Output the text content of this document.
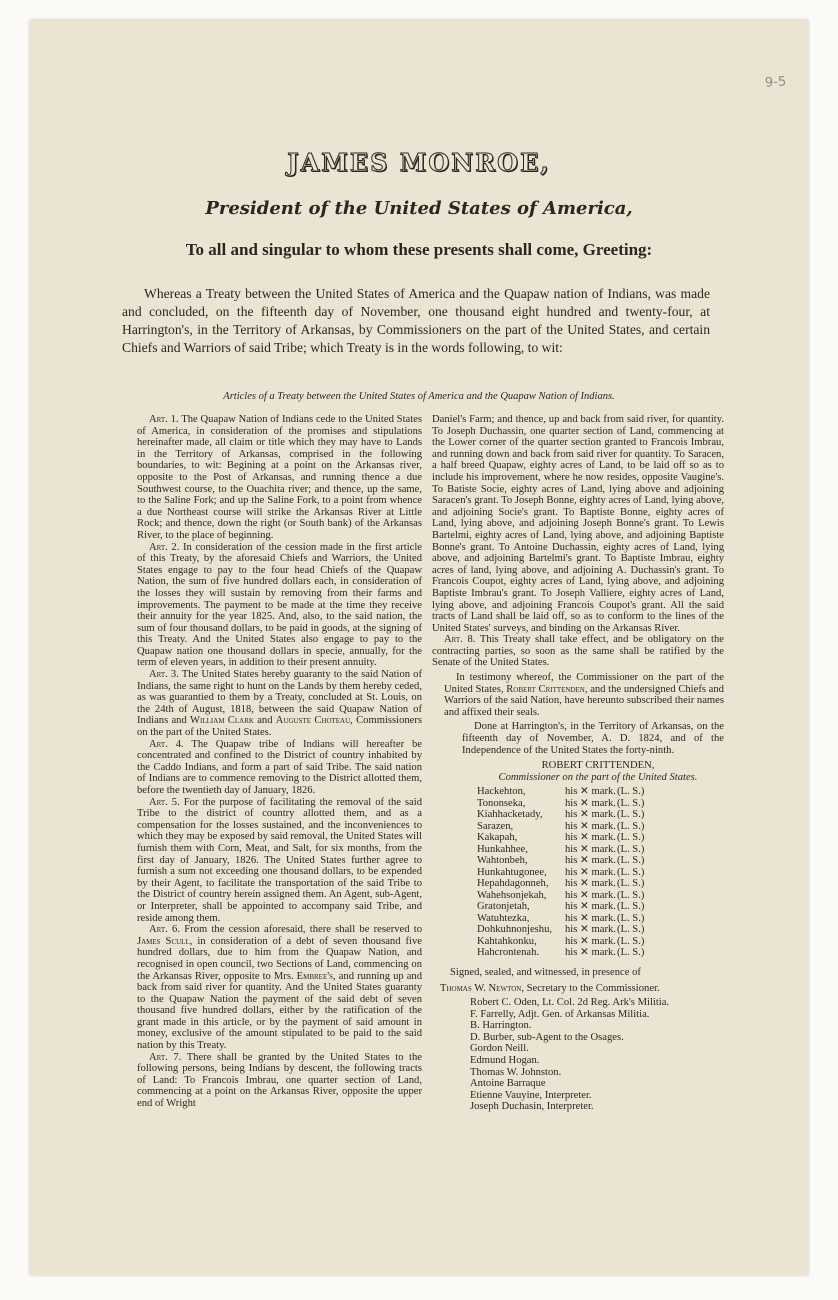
9-5
JAMES MONROE,
President of the United States of America,
To all and singular to whom these presents shall come, Greeting:

Whereas a Treaty between the United States of America and the Quapaw nation of Indians, was made and concluded, on the fifteenth day of November, one thousand eight hundred and twenty-four, at Harrington's, in the Territory of Arkansas, by Commissioners on the part of the United States, and certain Chiefs and Warriors of said Tribe; which Treaty is in the words following, to wit:

Articles of a Treaty between the United States of America and the Quapaw Nation of Indians.

Art. 1. The Quapaw Nation of Indians cede to the United States of America, in consideration of the promises and stipulations hereinafter made, all claim or title which they may have to Lands in the Territory of Arkansas, comprised in the following boundaries, to wit: Begining at a point on the Arkansas river, opposite to the Post of Arkansas, and running thence a due Southwest course, to the Ouachita river; and thence, up the same, to the Saline Fork; and up the Saline Fork, to a point from whence a due Northeast course will strike the Arkansas River at Little Rock; and thence, down the right (or South bank) of the Arkansas River, to the place of beginning.

Art. 2. In consideration of the cession made in the first article of this Treaty, by the aforesaid Chiefs and Warriors, the United States engage to pay to the four head Chiefs of the Quapaw Nation, the sum of five hundred dollars each, in consideration of the losses they will sustain by removing from their farms and improvements. The payment to be made at the time they receive their annuity for the year 1825. And, also, to the said nation, the sum of four thousand dollars, to be paid in goods, at the signing of this Treaty. And the United States also engage to pay to the Quapaw nation one thousand dollars in specie, annually, for the term of eleven years, in addition to their present annuity.

Art. 3. The United States hereby guaranty to the said Nation of Indians, the same right to hunt on the Lands by them hereby ceded, as was guarantied to them by a Treaty, concluded at St. Louis, on the 24th of August, 1818, between the said Quapaw Nation of Indians and William Clark and Auguste Choteau, Commissioners on the part of the United States.

Art. 4. The Quapaw tribe of Indians will hereafter be concentrated and confined to the District of country inhabited by the Caddo Indians, and form a part of said Tribe. The said nation of Indians are to commence removing to the District allotted them, before the twentieth day of January, 1826.

Art. 5. For the purpose of facilitating the removal of the said Tribe to the district of country allotted them, and as a compensation for the losses sustained, and the inconveniences to which they may be exposed by said removal, the United States will furnish them with Corn, Meat, and Salt, for six months, from the first day of January, 1826. The United States further agree to furnish a sum not exceeding one thousand dollars, to be expended by their Agent, to facilitate the transportation of the said Tribe to the District of country herein assigned them. An Agent, sub-Agent, or Interpreter, shall be appointed to accompany said Tribe, and reside among them.

Art. 6. From the cession aforesaid, there shall be reserved to James Scull, in consideration of a debt of seven thousand five hundred dollars, due to him from the Quapaw Nation, and recognised in open council, two Sections of Land, commencing on the Arkansas River, opposite to Mrs. Embree's, and running up and back from said river for quantity. And the United States guaranty to the Quapaw Nation the payment of the said debt of seven thousand five hundred dollars, either by the ratification of the grant made in this article, or by the payment of said amount in money, exclusive of the amount stipulated to be paid to the said nation by this Treaty.

Art. 7. There shall be granted by the United States to the following persons, being Indians by descent, the following tracts of Land: To Francois Imbrau, one quarter section of Land, commencing at a point on the Arkansas River, opposite the upper end of Wright

Daniel's Farm; and thence, up and back from said river, for quantity. To Joseph Duchassin, one quarter section of Land, commencing at the Lower corner of the quarter section granted to Francois Imbrau, and running down and back from said river for quantity. To Saracen, a half breed Quapaw, eighty acres of Land, to be laid off so as to include his improvement, where he now resides, opposite Vaugine's. To Batiste Socie, eighty acres of Land, lying above and adjoining Saracen's grant. To Joseph Bonne, eighty acres of Land, lying above, and adjoining Socie's grant. To Baptiste Bonne, eighty acres of Land, lying above, and adjoining Joseph Bonne's grant. To Lewis Bartelmi, eighty acres of Land, lying above, and adjoining Baptiste Bonne's grant. To Antoine Duchassin, eighty acres of Land, lying above, and adjoining Bartelmi's grant. To Baptiste Imbrau, eighty acres of land, lying above, and adjoining A. Duchassin's grant. To Francois Coupot, eighty acres of Land, lying above, and adjoining Baptiste Imbrau's grant. To Joseph Valliere, eighty acres of Land, lying above, and adjoining Francois Coupot's grant. All the said tracts of Land shall be laid off, so as to conform to the lines of the United States' surveys, and binding on the Arkansas River.

Art. 8. This Treaty shall take effect, and be obligatory on the contracting parties, so soon as the same shall be ratified by the Senate of the United States.

In testimony whereof, the Commissioner on the part of the United States, Robert Crittenden, and the undersigned Chiefs and Warriors of the said Nation, have hereunto subscribed their names and affixed their seals.

Done at Harrington's, in the Territory of Arkansas, on the fifteenth day of November, A. D. 1824, and of the Independence of the United States the forty-ninth.

ROBERT CRITTENDEN,
Commissioner on the part of the United States.
Hackehton,	his ✕ mark.	(L. S.)
Tononseka,	his ✕ mark.	(L. S.)
Kiahhacketady,	his ✕ mark.	(L. S.)
Sarazen,	his ✕ mark.	(L. S.)
Kakapah,	his ✕ mark.	(L. S.)
Hunkahhee,	his ✕ mark.	(L. S.)
Wahtonbeh,	his ✕ mark.	(L. S.)
Hunkahtugonee,	his ✕ mark.	(L. S.)
Hepahdagonneh,	his ✕ mark.	(L. S.)
Wahehsonjekah,	his ✕ mark.	(L. S.)
Gratonjetah,	his ✕ mark.	(L. S.)
Watuhtezka,	his ✕ mark.	(L. S.)
Dohkuhnonjeshu,	his ✕ mark.	(L. S.)
Kahtahkonku,	his ✕ mark.	(L. S.)
Hahcrontenah.	his ✕ mark.	(L. S.)

Signed, sealed, and witnessed, in presence of

Thomas W. Newton, Secretary to the Commissioner.

Robert C. Oden, Lt. Col. 2d Reg. Ark's Militia.

F. Farrelly, Adjt. Gen. of Arkansas Militia.

B. Harrington.

D. Burber, sub-Agent to the Osages.

Gordon Neill.

Edmund Hogan.

Thomas W. Johnston.

Antoine Barraque

Etienne Vauyine, Interpreter.

Joseph Duchasin, Interpreter.
